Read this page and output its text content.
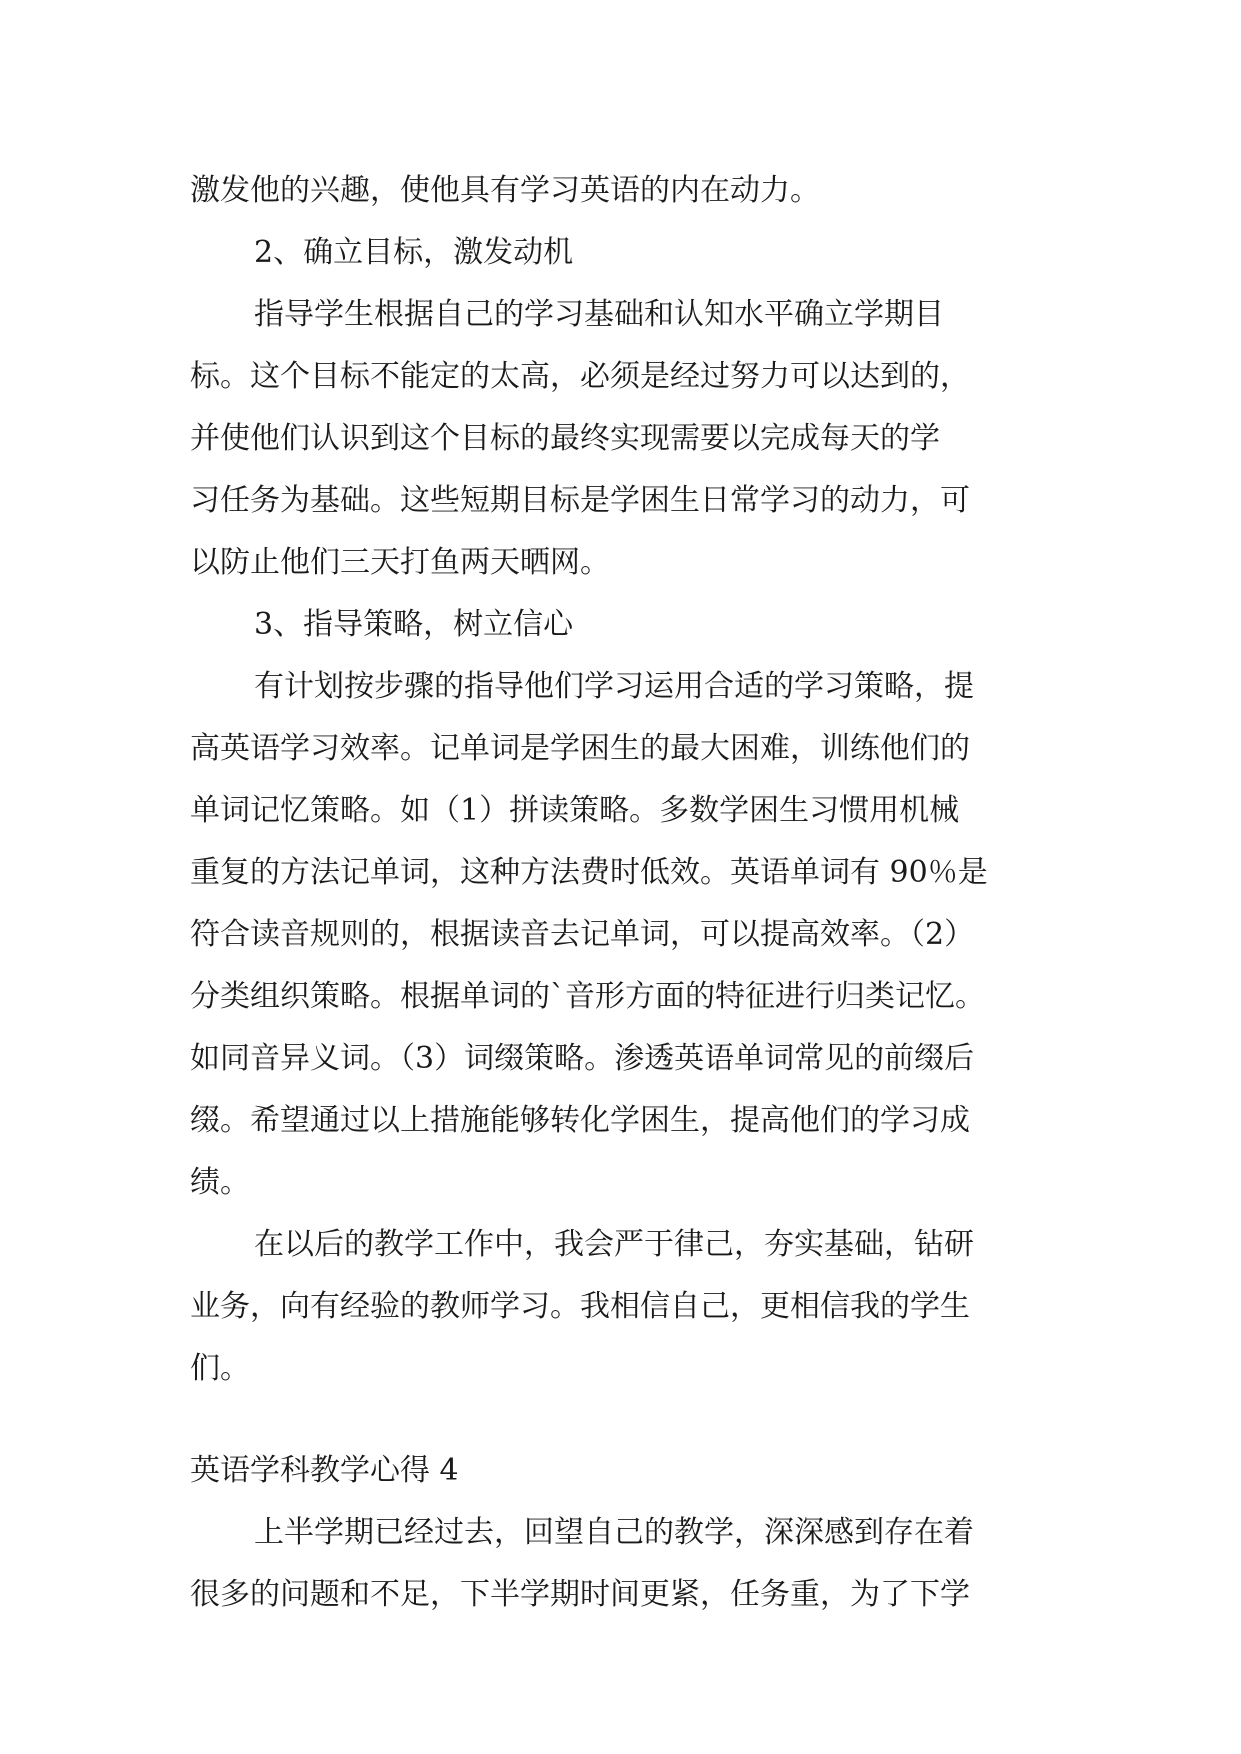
激发他的兴趣，使他具有学习英语的内在动力。

2、确立目标，激发动机

指导学生根据自己的学习基础和认知水平确立学期目

标。这个目标不能定的太高，必须是经过努力可以达到的，

并使他们认识到这个目标的最终实现需要以完成每天的学

习任务为基础。这些短期目标是学困生日常学习的动力，可

以防止他们三天打鱼两天晒网。

3、指导策略，树立信心

有计划按步骤的指导他们学习运用合适的学习策略，提

高英语学习效率。记单词是学困生的最大困难，训练他们的

单词记忆策略。如（1）拼读策略。多数学困生习惯用机械

重复的方法记单词，这种方法费时低效。英语单词有 90％是

符合读音规则的，根据读音去记单词，可以提高效率。（2）

分类组织策略。根据单词的`音形方面的特征进行归类记忆。

如同音异义词。（3）词缀策略。渗透英语单词常见的前缀后

缀。希望通过以上措施能够转化学困生，提高他们的学习成

绩。

在以后的教学工作中，我会严于律己，夯实基础，钻研

业务，向有经验的教师学习。我相信自己，更相信我的学生

们。

英语学科教学心得 4

上半学期已经过去，回望自己的教学，深深感到存在着

很多的问题和不足，下半学期时间更紧，任务重，为了下学
